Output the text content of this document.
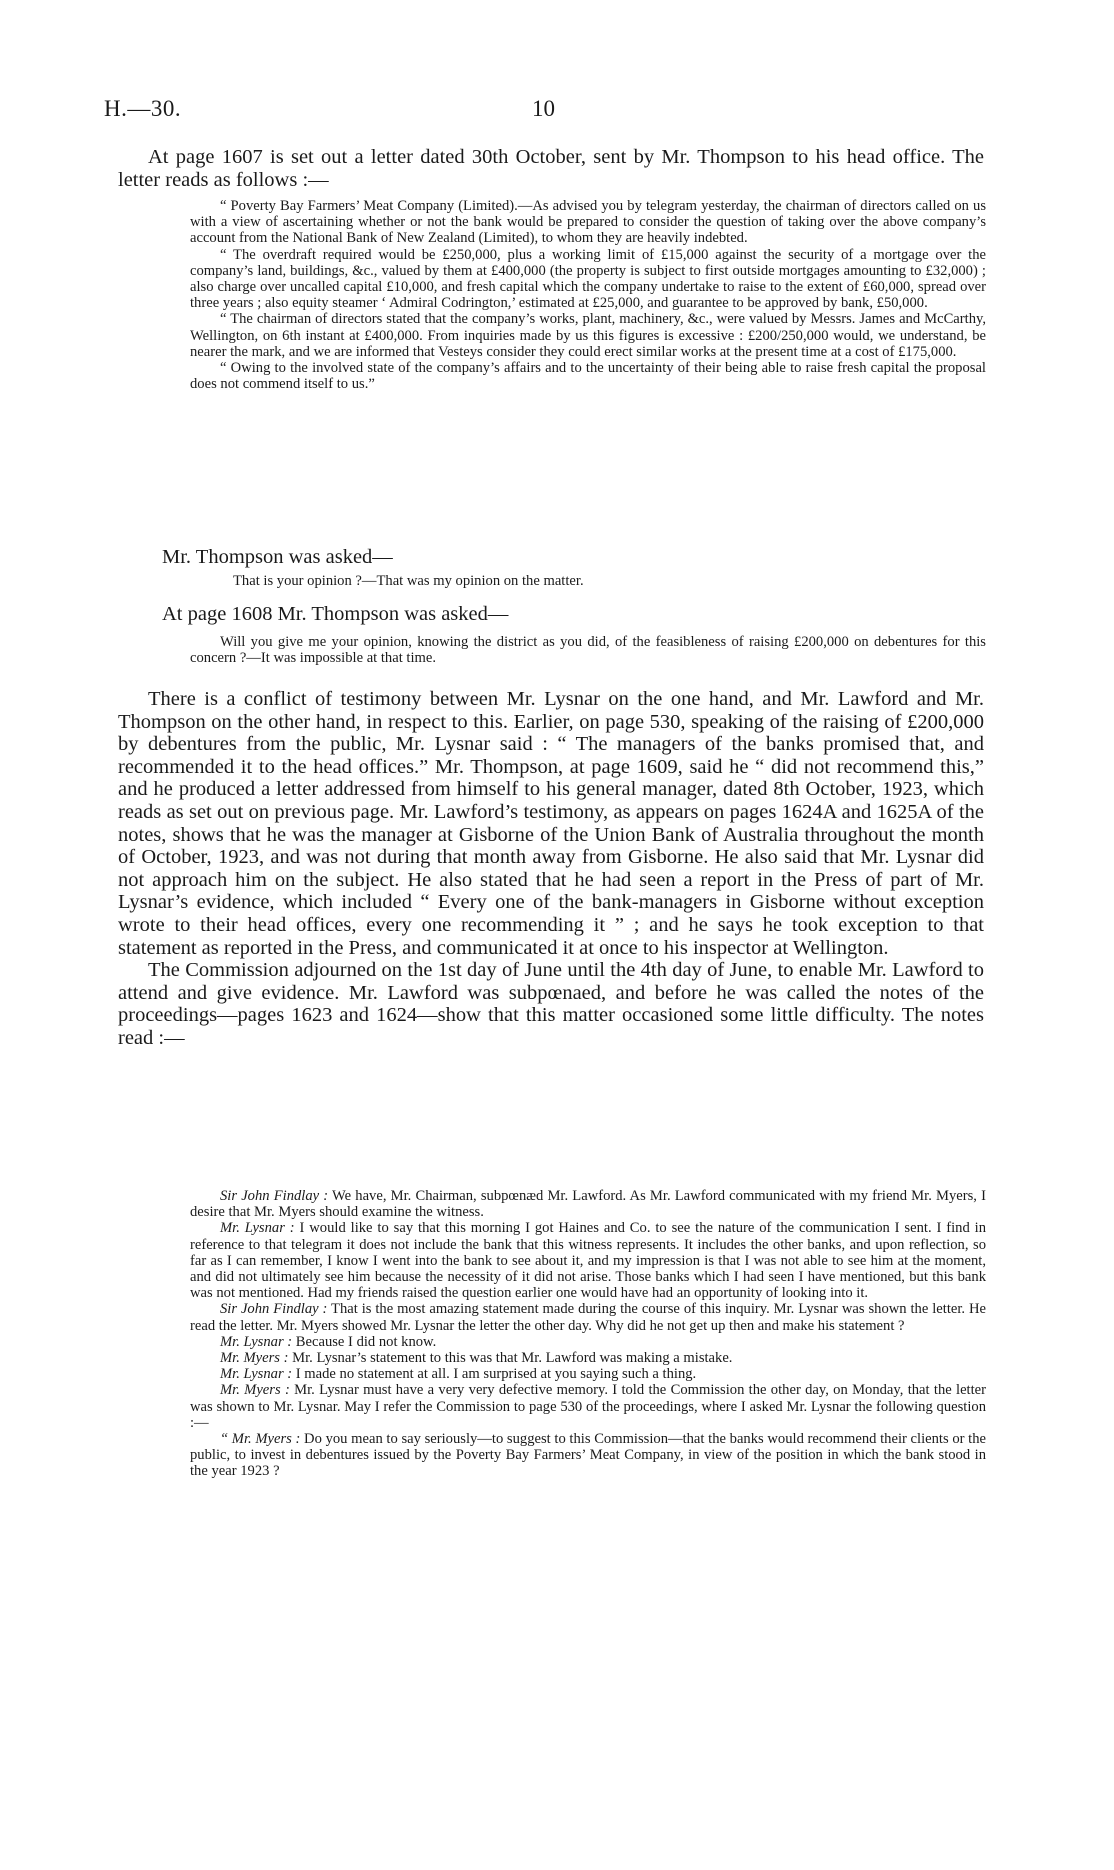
H.—30.	10

At page 1607 is set out a letter dated 30th October, sent by Mr. Thompson to his head office. The letter reads as follows :—

“ Poverty Bay Farmers’ Meat Company (Limited).—As advised you by telegram yesterday, the chairman of directors called on us with a view of ascertaining whether or not the bank would be prepared to consider the question of taking over the above company’s account from the National Bank of New Zealand (Limited), to whom they are heavily indebted.

“ The overdraft required would be £250,000, plus a working limit of £15,000 against the security of a mortgage over the company’s land, buildings, &c., valued by them at £400,000 (the property is subject to first outside mortgages amounting to £32,000) ; also charge over uncalled capital £10,000, and fresh capital which the company undertake to raise to the extent of £60,000, spread over three years ; also equity steamer ‘ Admiral Codrington,’ estimated at £25,000, and guarantee to be approved by bank, £50,000.

“ The chairman of directors stated that the company’s works, plant, machinery, &c., were valued by Messrs. James and McCarthy, Wellington, on 6th instant at £400,000. From inquiries made by us this figures is excessive : £200/250,000 would, we understand, be nearer the mark, and we are informed that Vesteys consider they could erect similar works at the present time at a cost of £175,000.

“ Owing to the involved state of the company’s affairs and to the uncertainty of their being able to raise fresh capital the proposal does not commend itself to us.”

Mr. Thompson was asked—
That is your opinion ?—That was my opinion on the matter.
At page 1608 Mr. Thompson was asked—

Will you give me your opinion, knowing the district as you did, of the feasibleness of raising £200,000 on debentures for this concern ?—It was impossible at that time.

There is a conflict of testimony between Mr. Lysnar on the one hand, and Mr. Lawford and Mr. Thompson on the other hand, in respect to this. Earlier, on page 530, speaking of the raising of £200,000 by debentures from the public, Mr. Lysnar said : “ The managers of the banks promised that, and recommended it to the head offices.” Mr. Thompson, at page 1609, said he “ did not recommend this,” and he produced a letter addressed from himself to his general manager, dated 8th October, 1923, which reads as set out on previous page. Mr. Lawford’s testimony, as appears on pages 1624A and 1625A of the notes, shows that he was the manager at Gisborne of the Union Bank of Australia throughout the month of October, 1923, and was not during that month away from Gisborne. He also said that Mr. Lysnar did not approach him on the subject. He also stated that he had seen a report in the Press of part of Mr. Lysnar’s evidence, which included “ Every one of the bank-managers in Gisborne without exception wrote to their head offices, every one recommending it ” ; and he says he took exception to that statement as reported in the Press, and communicated it at once to his inspector at Wellington.

The Commission adjourned on the 1st day of June until the 4th day of June, to enable Mr. Lawford to attend and give evidence. Mr. Lawford was subpœnaed, and before he was called the notes of the proceedings—pages 1623 and 1624—show that this matter occasioned some little difficulty. The notes read :—

Sir John Findlay : We have, Mr. Chairman, subpœnæd Mr. Lawford. As Mr. Lawford communicated with my friend Mr. Myers, I desire that Mr. Myers should examine the witness.

Mr. Lysnar : I would like to say that this morning I got Haines and Co. to see the nature of the communication I sent. I find in reference to that telegram it does not include the bank that this witness represents. It includes the other banks, and upon reflection, so far as I can remember, I know I went into the bank to see about it, and my impression is that I was not able to see him at the moment, and did not ultimately see him because the necessity of it did not arise. Those banks which I had seen I have mentioned, but this bank was not mentioned. Had my friends raised the question earlier one would have had an opportunity of looking into it.

Sir John Findlay : That is the most amazing statement made during the course of this inquiry. Mr. Lysnar was shown the letter. He read the letter. Mr. Myers showed Mr. Lysnar the letter the other day. Why did he not get up then and make his statement ?

Mr. Lysnar : Because I did not know.

Mr. Myers : Mr. Lysnar’s statement to this was that Mr. Lawford was making a mistake.

Mr. Lysnar : I made no statement at all. I am surprised at you saying such a thing.

Mr. Myers : Mr. Lysnar must have a very very defective memory. I told the Commission the other day, on Monday, that the letter was shown to Mr. Lysnar. May I refer the Commission to page 530 of the proceedings, where I asked Mr. Lysnar the following question :—

“ Mr. Myers : Do you mean to say seriously—to suggest to this Commission—that the banks would recommend their clients or the public, to invest in debentures issued by the Poverty Bay Farmers’ Meat Company, in view of the position in which the bank stood in the year 1923 ?
